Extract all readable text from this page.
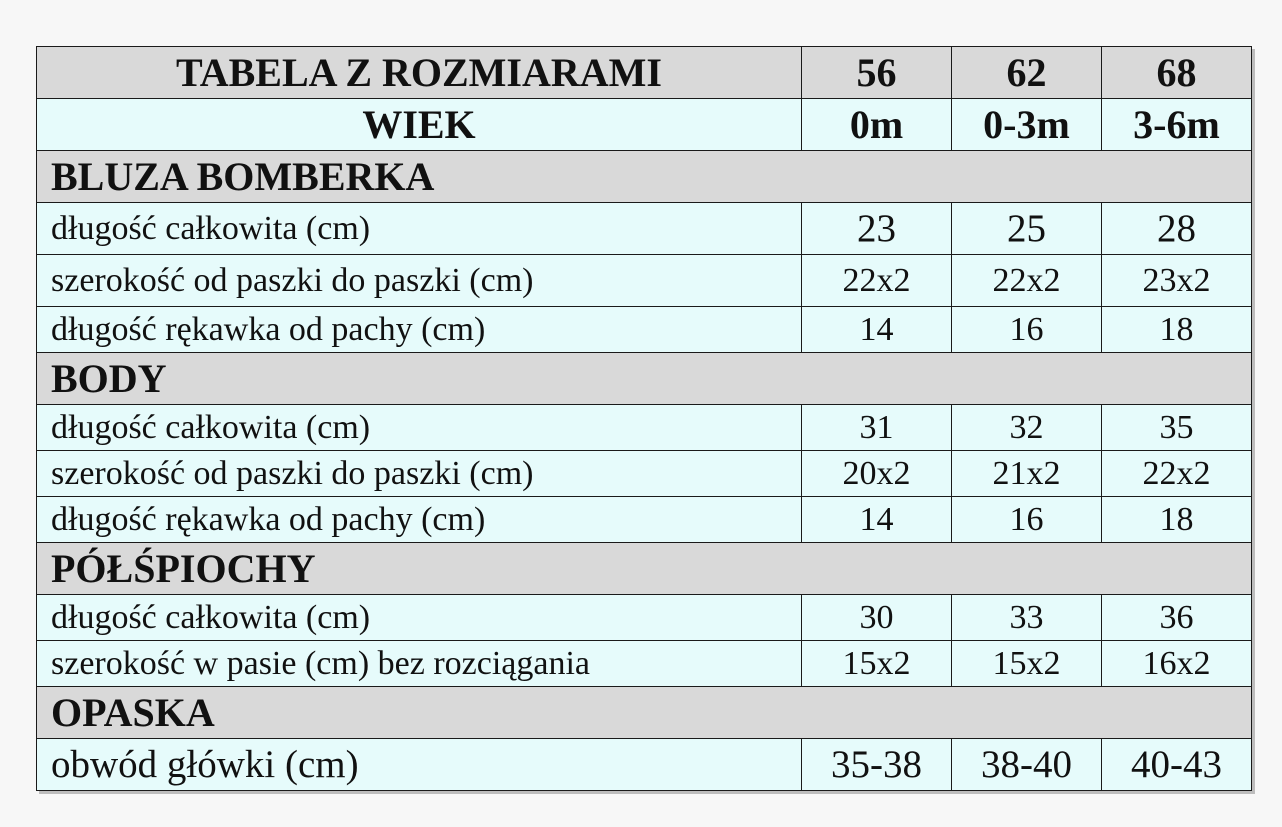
TABELA Z ROZMIARAMI	56	62	68
WIEK	0m	0-3m	3-6m
BLUZA BOMBERKA			
długość całkowita (cm)	23	25	28
szerokość od paszki do paszki (cm)	22x2	22x2	23x2
długość rękawka od pachy (cm)	14	16	18
BODY			
długość całkowita (cm)	31	32	35
szerokość od paszki do paszki (cm)	20x2	21x2	22x2
długość rękawka od pachy (cm)	14	16	18
PÓŁŚPIOCHY			
długość całkowita (cm)	30	33	36
szerokość w pasie (cm) bez rozciągania	15x2	15x2	16x2
OPASKA			
obwód główki (cm)	35-38	38-40	40-43
